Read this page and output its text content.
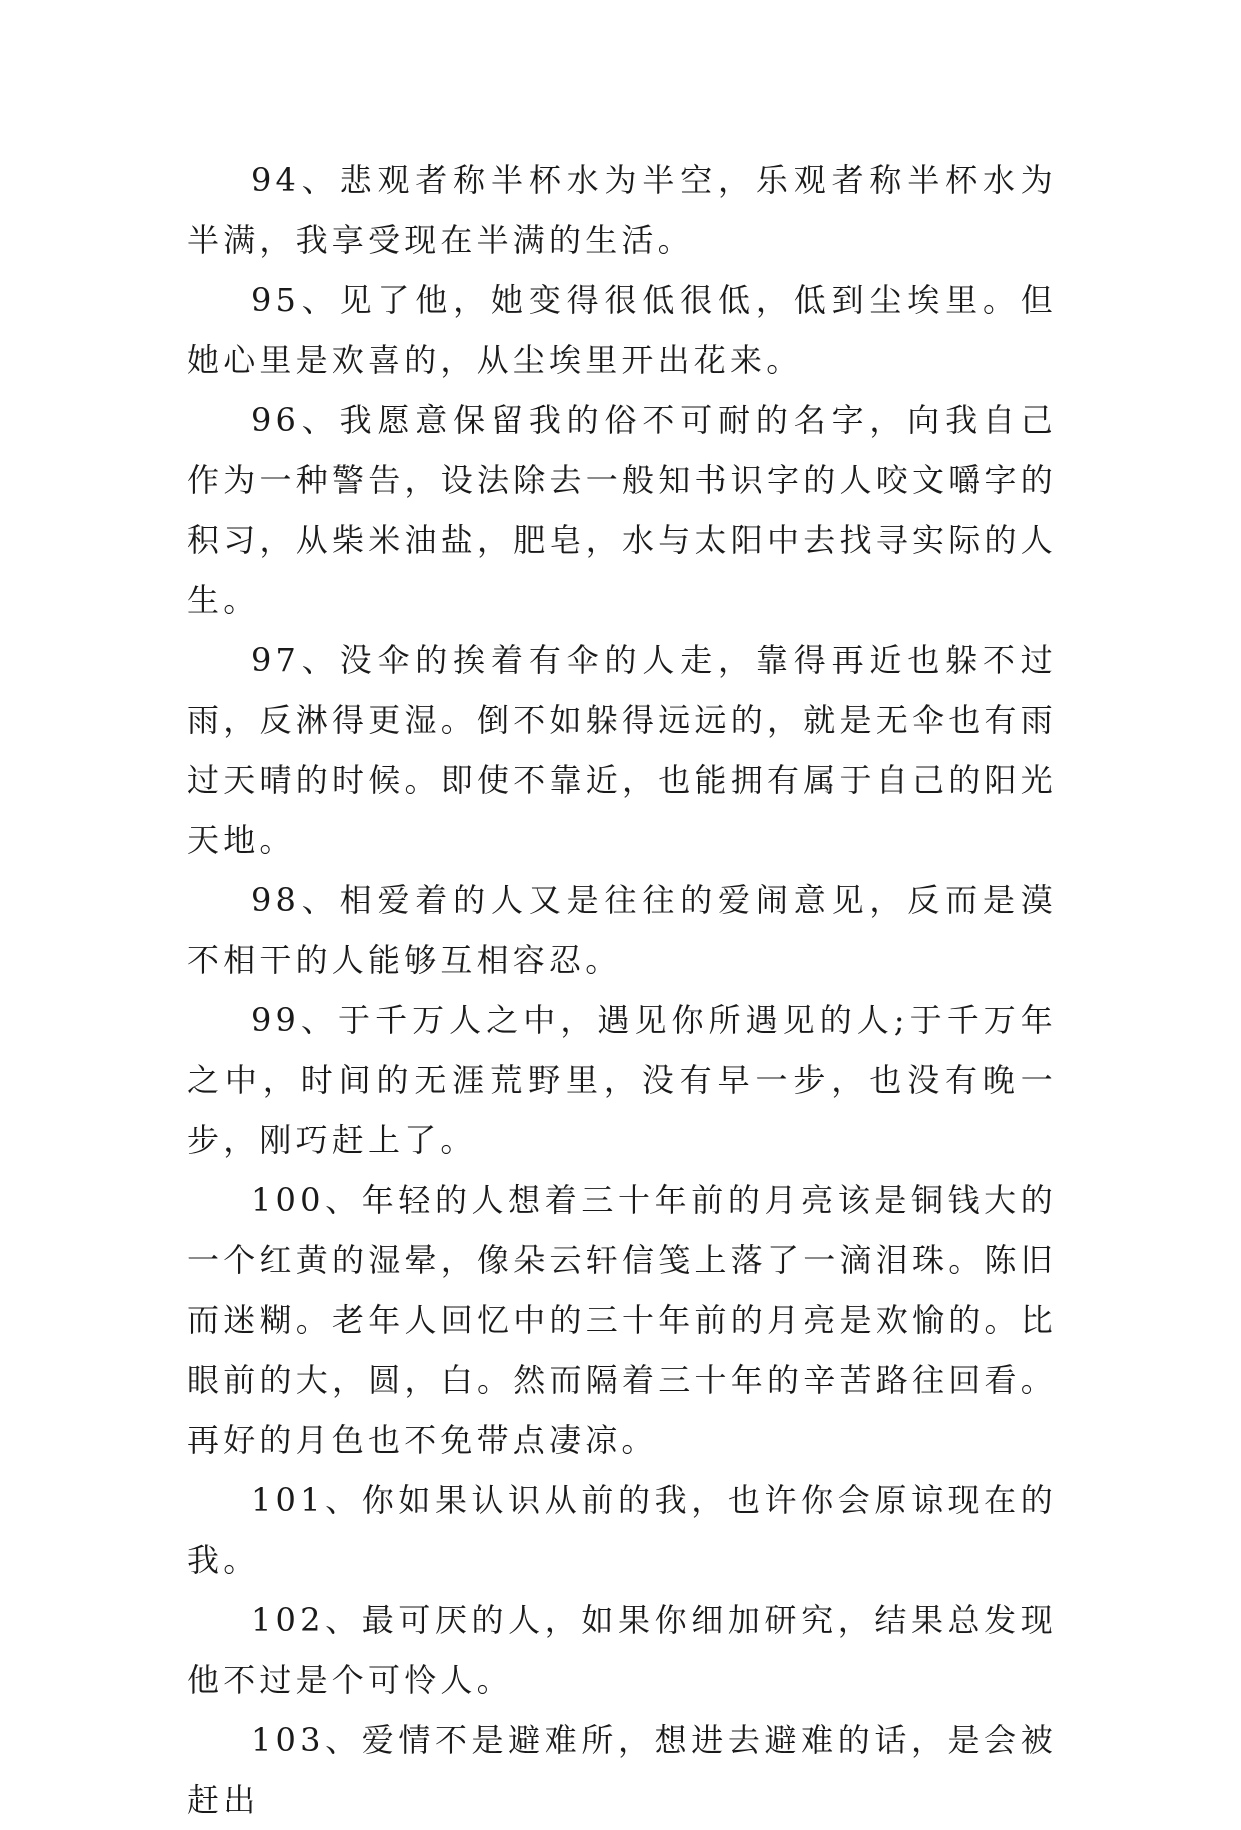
94、悲观者称半杯水为半空，乐观者称半杯水为半满，我享受现在半满的生活。

95、见了他，她变得很低很低，低到尘埃里。但她心里是欢喜的，从尘埃里开出花来。

96、我愿意保留我的俗不可耐的名字，向我自己作为一种警告，设法除去一般知书识字的人咬文嚼字的积习，从柴米油盐，肥皂，水与太阳中去找寻实际的人生。

97、没伞的挨着有伞的人走，靠得再近也躲不过雨，反淋得更湿。倒不如躲得远远的，就是无伞也有雨过天晴的时候。即使不靠近，也能拥有属于自己的阳光天地。

98、相爱着的人又是往往的爱闹意见，反而是漠不相干的人能够互相容忍。

99、于千万人之中，遇见你所遇见的人;于千万年之中，时间的无涯荒野里，没有早一步，也没有晚一步，刚巧赶上了。

100、年轻的人想着三十年前的月亮该是铜钱大的一个红黄的湿晕，像朵云轩信笺上落了一滴泪珠。陈旧而迷糊。老年人回忆中的三十年前的月亮是欢愉的。比眼前的大，圆，白。然而隔着三十年的辛苦路往回看。再好的月色也不免带点凄凉。

101、你如果认识从前的我，也许你会原谅现在的我。

102、最可厌的人，如果你细加研究，结果总发现他不过是个可怜人。

103、爱情不是避难所，想进去避难的话，是会被赶出
